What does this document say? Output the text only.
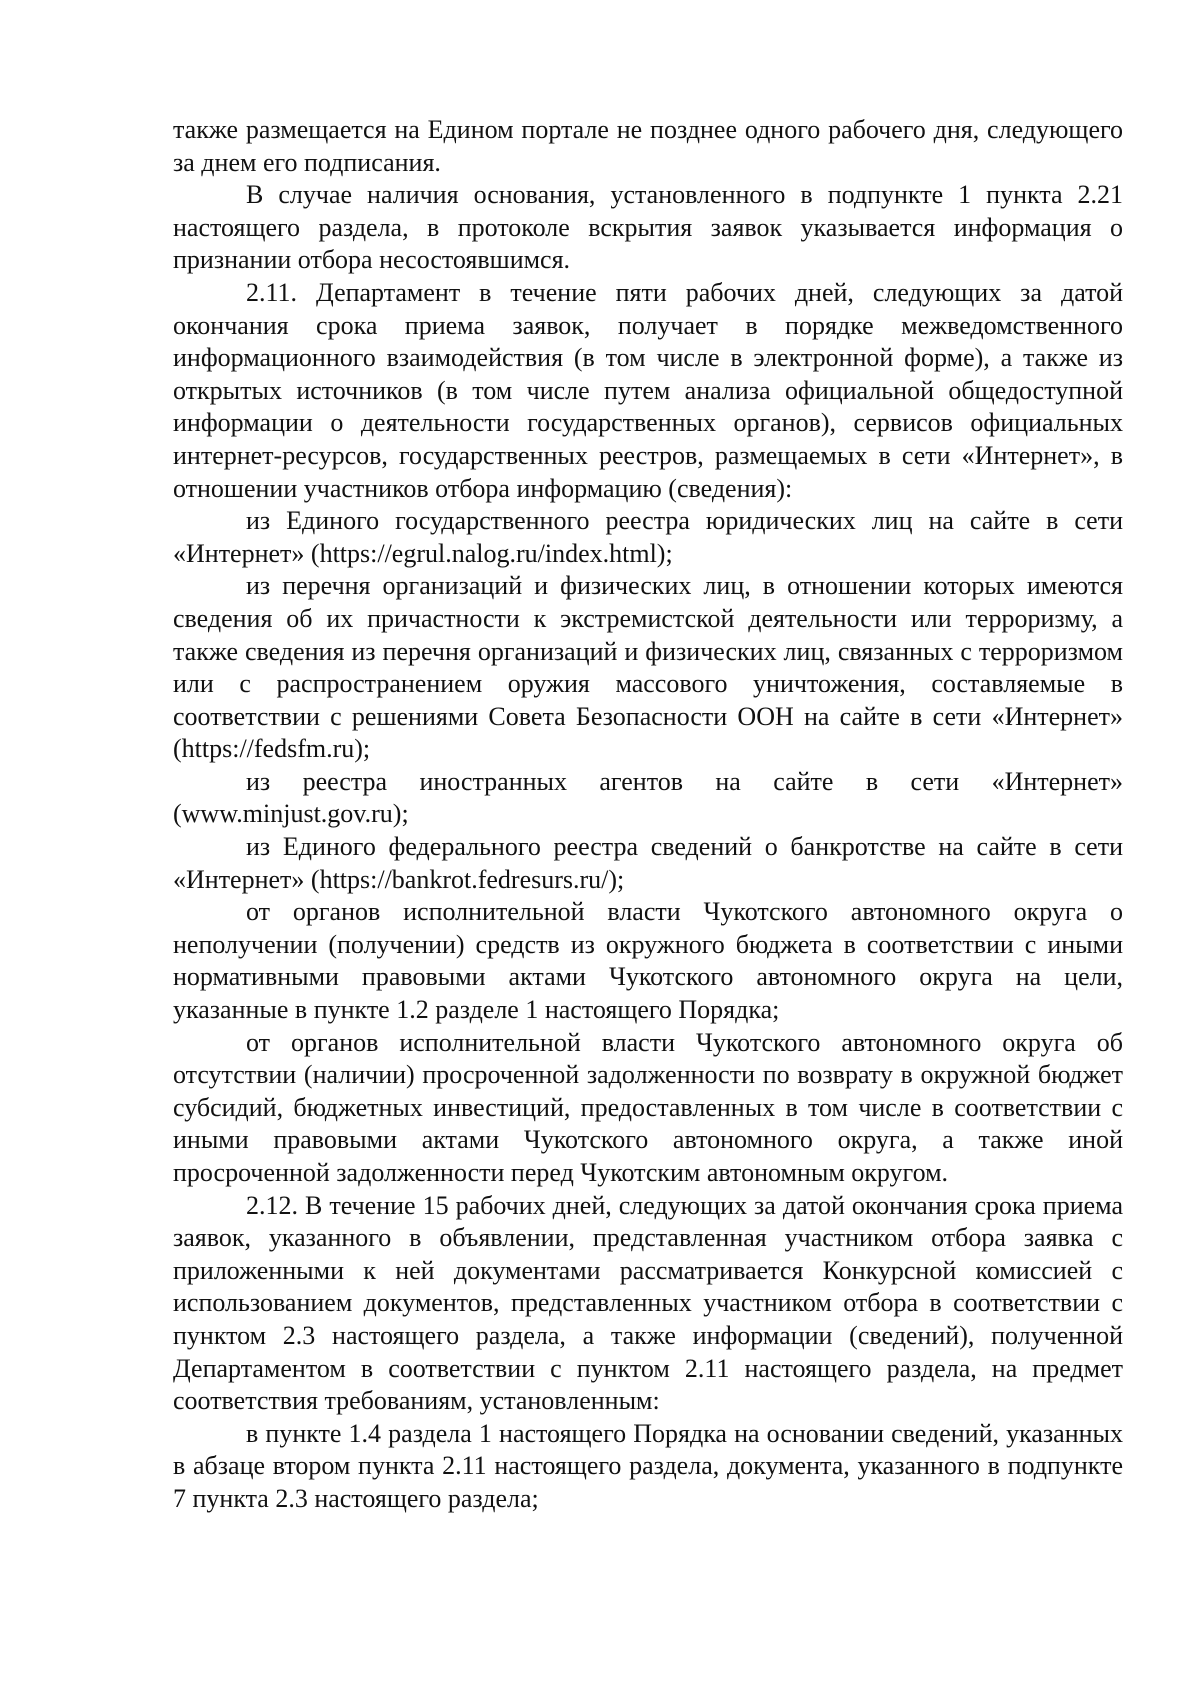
также размещается на Едином портале не позднее одного рабочего дня, следующего за днем его подписания.

В случае наличия основания, установленного в подпункте 1 пункта 2.21 настоящего раздела, в протоколе вскрытия заявок указывается информация о признании отбора несостоявшимся.

2.11. Департамент в течение пяти рабочих дней, следующих за датой окончания срока приема заявок, получает в порядке межведомственного информационного взаимодействия (в том числе в электронной форме), а также из открытых источников (в том числе путем анализа официальной общедоступной информации о деятельности государственных органов), сервисов официальных интернет-ресурсов, государственных реестров, размещаемых в сети «Интернет», в отношении участников отбора информацию (сведения):

из Единого государственного реестра юридических лиц на сайте в сети «Интернет» (https://egrul.nalog.ru/index.html);

из перечня организаций и физических лиц, в отношении которых имеются сведения об их причастности к экстремистской деятельности или терроризму, а также сведения из перечня организаций и физических лиц, связанных с терроризмом или с распространением оружия массового уничтожения, составляемые в соответствии с решениями Совета Безопасности ООН на сайте в сети «Интернет» (https://fedsfm.ru);

из реестра иностранных агентов на сайте в сети «Интернет» (www.minjust.gov.ru);

из Единого федерального реестра сведений о банкротстве на сайте в сети «Интернет» (https://bankrot.fedresurs.ru/);

от органов исполнительной власти Чукотского автономного округа о неполучении (получении) средств из окружного бюджета в соответствии с иными нормативными правовыми актами Чукотского автономного округа на цели, указанные в пункте 1.2 разделе 1 настоящего Порядка;

от органов исполнительной власти Чукотского автономного округа об отсутствии (наличии) просроченной задолженности по возврату в окружной бюджет субсидий, бюджетных инвестиций, предоставленных в том числе в соответствии с иными правовыми актами Чукотского автономного округа, а также иной просроченной задолженности перед Чукотским автономным округом.

2.12. В течение 15 рабочих дней, следующих за датой окончания срока приема заявок, указанного в объявлении, представленная участником отбора заявка с приложенными к ней документами рассматривается Конкурсной комиссией с использованием документов, представленных участником отбора в соответствии с пунктом 2.3 настоящего раздела, а также информации (сведений), полученной Департаментом в соответствии с пунктом 2.11 настоящего раздела, на предмет соответствия требованиям, установленным:

в пункте 1.4 раздела 1 настоящего Порядка на основании сведений, указанных в абзаце втором пункта 2.11 настоящего раздела, документа, указанного в подпункте 7 пункта 2.3 настоящего раздела;
